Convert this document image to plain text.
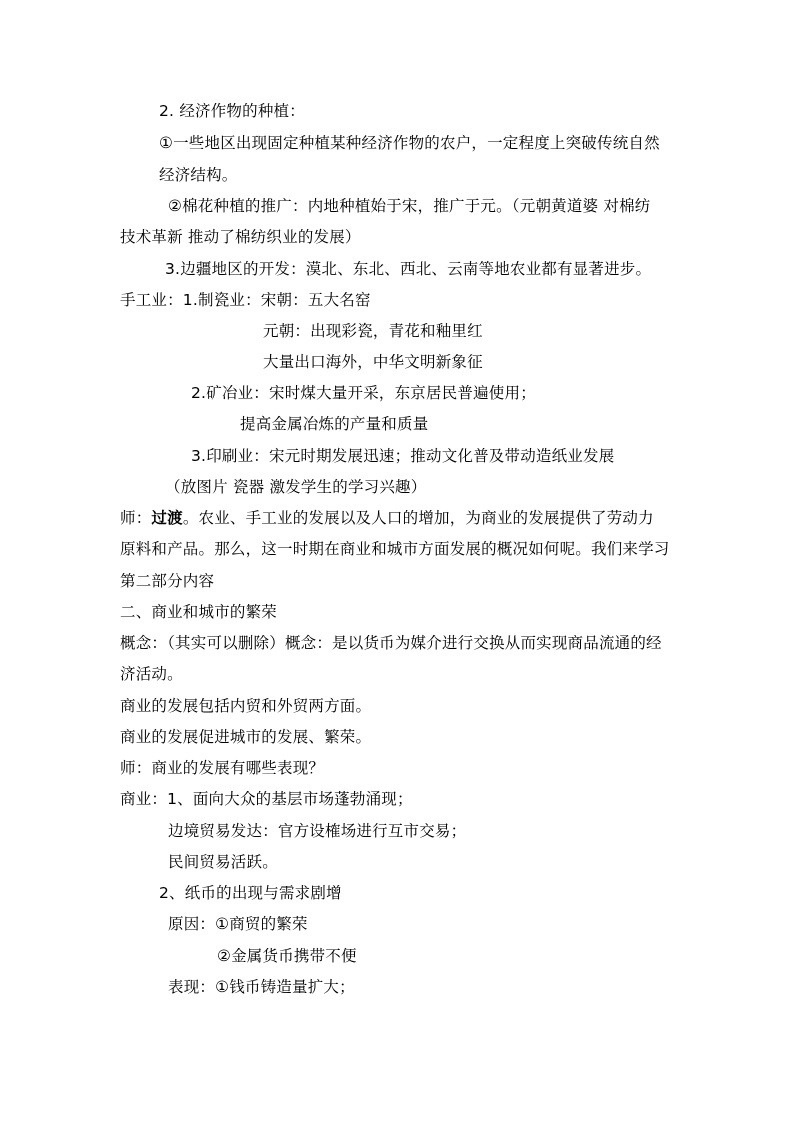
2. 经济作物的种植：
①一些地区出现固定种植某种经济作物的农户，一定程度上突破传统自然
经济结构。
②棉花种植的推广：内地种植始于宋，推广于元。（元朝黄道婆 对棉纺
技术革新 推动了棉纺织业的发展）
3.边疆地区的开发：漠北、东北、西北、云南等地农业都有显著进步。
手工业：1.制瓷业：宋朝：五大名窑
元朝：出现彩瓷，青花和釉里红
大量出口海外，中华文明新象征
2.矿冶业：宋时煤大量开采，东京居民普遍使用；
提高金属冶炼的产量和质量
3.印刷业：宋元时期发展迅速；推动文化普及带动造纸业发展
（放图片 瓷器 激发学生的学习兴趣）
师：过渡。农业、手工业的发展以及人口的增加，为商业的发展提供了劳动力
原料和产品。那么，这一时期在商业和城市方面发展的概况如何呢。我们来学习
第二部分内容
二、商业和城市的繁荣
概念：（其实可以删除）概念：是以货币为媒介进行交换从而实现商品流通的经
济活动。
商业的发展包括内贸和外贸两方面。
商业的发展促进城市的发展、繁荣。
师：商业的发展有哪些表现？
商业：1、面向大众的基层市场蓬勃涌现；
边境贸易发达：官方设榷场进行互市交易；
民间贸易活跃。
2、纸币的出现与需求剧增
原因：①商贸的繁荣
②金属货币携带不便
表现：①钱币铸造量扩大；
